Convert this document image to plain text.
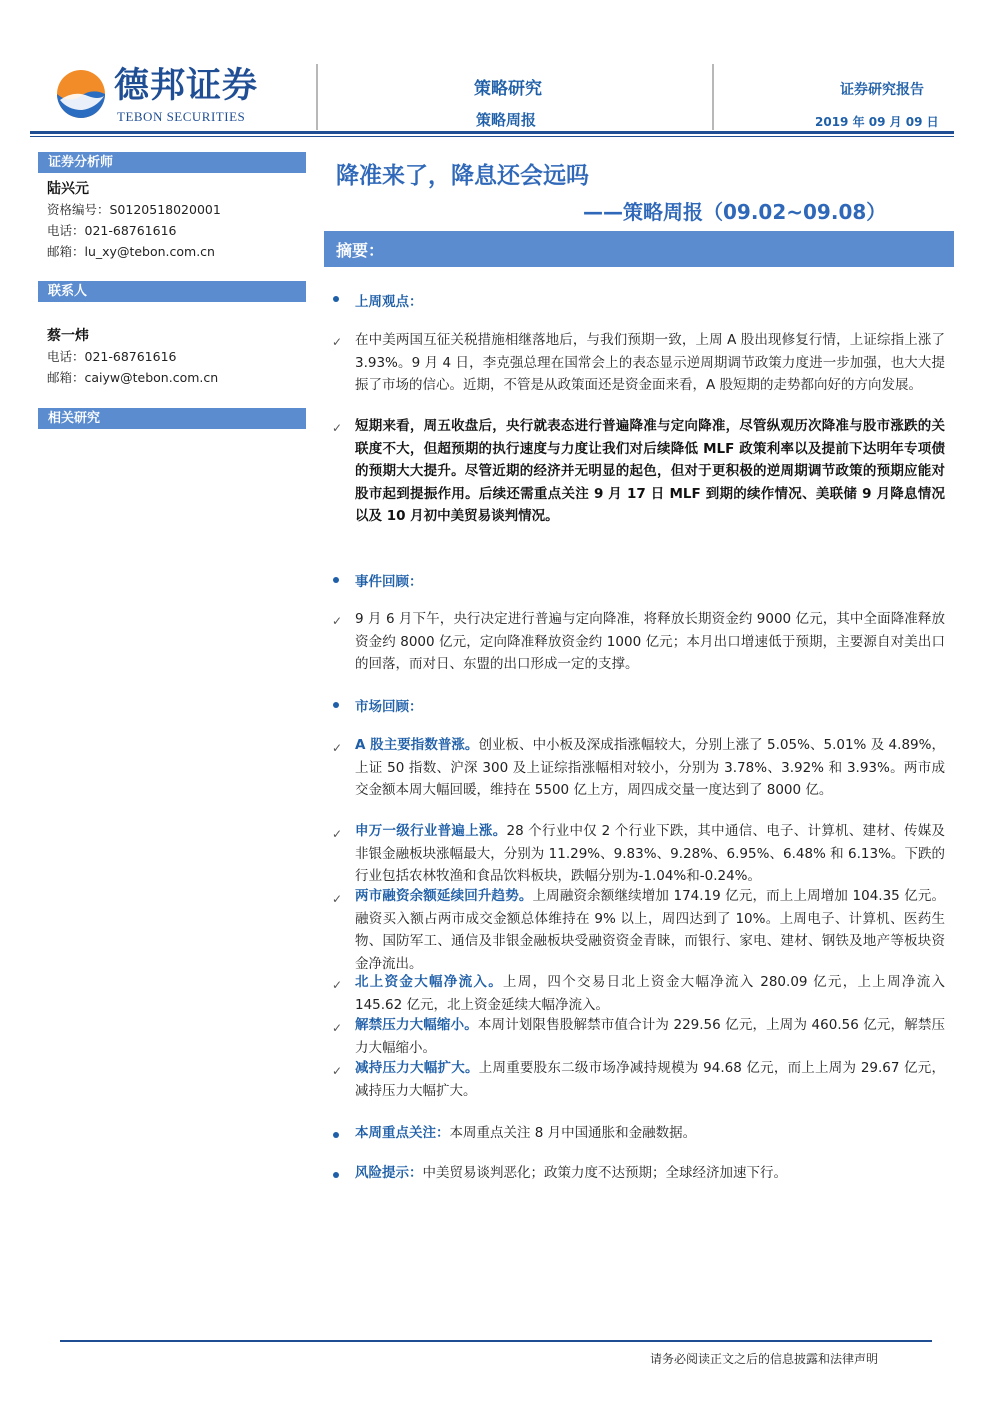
德邦证券
TEBON SECURITIES
策略研究
策略周报
证券研究报告
2019 年 09 月 09 日
证券分析师
陆兴元
资格编号：S0120518020001
电话：021-68761616
邮箱：lu_xy@tebon.com.cn
联系人
蔡一炜
电话：021-68761616
邮箱：caiyw@tebon.com.cn
相关研究
降准来了，降息还会远吗
——策略周报（09.02~09.08）
摘要：
上周观点：
✓ 在中美两国互征关税措施相继落地后，与我们预期一致，上周 A 股出现修复行情，上证综指上涨了 3.93%。9 月 4 日，李克强总理在国常会上的表态显示逆周期调节政策力度进一步加强，也大大提振了市场的信心。近期，不管是从政策面还是资金面来看，A 股短期的走势都向好的方向发展。

✓ 短期来看，周五收盘后，央行就表态进行普遍降准与定向降准，尽管纵观历次降准与股市涨跌的关联度不大，但超预期的执行速度与力度让我们对后续降低 MLF 政策利率以及提前下达明年专项债的预期大大提升。尽管近期的经济并无明显的起色，但对于更积极的逆周期调节政策的预期应能对股市起到提振作用。后续还需重点关注 9 月 17 日 MLF 到期的续作情况、美联储 9 月降息情况以及 10 月初中美贸易谈判情况。

事件回顾：
✓ 9 月 6 月下午，央行决定进行普遍与定向降准，将释放长期资金约 9000 亿元，其中全面降准释放资金约 8000 亿元，定向降准释放资金约 1000 亿元；本月出口增速低于预期，主要源自对美出口的回落，而对日、东盟的出口形成一定的支撑。

市场回顾：
✓ A 股主要指数普涨。创业板、中小板及深成指涨幅较大，分别上涨了 5.05%、5.01% 及 4.89%，上证 50 指数、沪深 300 及上证综指涨幅相对较小，分别为 3.78%、3.92% 和 3.93%。两市成交金额本周大幅回暖，维持在 5500 亿上方，周四成交量一度达到了 8000 亿。

✓ 申万一级行业普遍上涨。28 个行业中仅 2 个行业下跌，其中通信、电子、计算机、建材、传媒及非银金融板块涨幅最大，分别为 11.29%、9.83%、9.28%、6.95%、6.48% 和 6.13%。下跌的行业包括农林牧渔和食品饮料板块，跌幅分别为-1.04%和-0.24%。

✓ 两市融资余额延续回升趋势。上周融资余额继续增加 174.19 亿元，而上上周增加 104.35 亿元。融资买入额占两市成交金额总体维持在 9% 以上，周四达到了 10%。上周电子、计算机、医药生物、国防军工、通信及非银金融板块受融资资金青睐，而银行、家电、建材、钢铁及地产等板块资金净流出。

✓ 北上资金大幅净流入。上周，四个交易日北上资金大幅净流入 280.09 亿元，上上周净流入 145.62 亿元，北上资金延续大幅净流入。

✓ 解禁压力大幅缩小。本周计划限售股解禁市值合计为 229.56 亿元，上周为 460.56 亿元，解禁压力大幅缩小。

✓ 减持压力大幅扩大。上周重要股东二级市场净减持规模为 94.68 亿元，而上上周为 29.67 亿元，减持压力大幅扩大。

本周重点关注：本周重点关注 8 月中国通胀和金融数据。

风险提示：中美贸易谈判恶化；政策力度不达预期；全球经济加速下行。

请务必阅读正文之后的信息披露和法律声明
